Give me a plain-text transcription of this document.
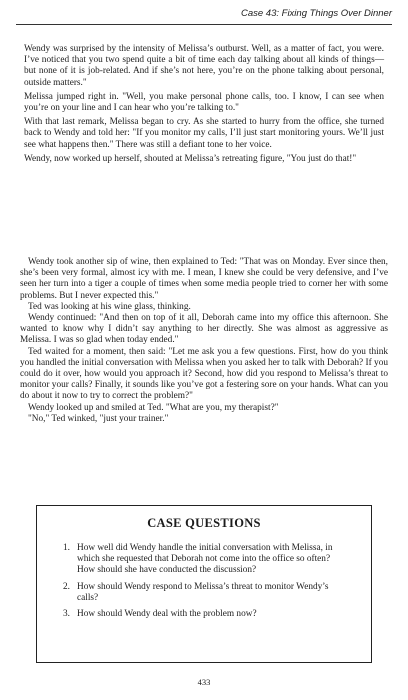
Case 43: Fixing Things Over Dinner

Wendy was surprised by the intensity of Melissa’s outburst. Well, as a matter of fact, you were. I’ve noticed that you two spend quite a bit of time each day talking about all kinds of things—but none of it is job-related. And if she’s not here, you’re on the phone talking about personal, outside matters."

Melissa jumped right in. "Well, you make personal phone calls, too. I know, I can see when you’re on your line and I can hear who you’re talking to."

With that last remark, Melissa began to cry. As she started to hurry from the office, she turned back to Wendy and told her: "If you monitor my calls, I’ll just start monitoring yours. We’ll just see what happens then." There was still a defiant tone to her voice.

Wendy, now worked up herself, shouted at Melissa’s retreating figure, "You just do that!"

Wendy took another sip of wine, then explained to Ted: "That was on Monday. Ever since then, she’s been very formal, almost icy with me. I mean, I knew she could be very defensive, and I’ve seen her turn into a tiger a couple of times when some media people tried to corner her with some problems. But I never expected this."

Ted was looking at his wine glass, thinking.

Wendy continued: "And then on top of it all, Deborah came into my office this afternoon. She wanted to know why I didn’t say anything to her directly. She was almost as aggressive as Melissa. I was so glad when today ended."

Ted waited for a moment, then said: "Let me ask you a few questions. First, how do you think you handled the initial conversation with Melissa when you asked her to talk with Deborah? If you could do it over, how would you approach it? Second, how did you respond to Melissa’s threat to monitor your calls? Finally, it sounds like you’ve got a festering sore on your hands. What can you do about it now to try to correct the problem?"

Wendy looked up and smiled at Ted. "What are you, my therapist?"

"No," Ted winked, "just your trainer."

CASE QUESTIONS
1. How well did Wendy handle the initial conversation with Melissa, in which she requested that Deborah not come into the office so often? How should she have conducted the discussion?
2. How should Wendy respond to Melissa’s threat to monitor Wendy’s calls?
3. How should Wendy deal with the problem now?
433
